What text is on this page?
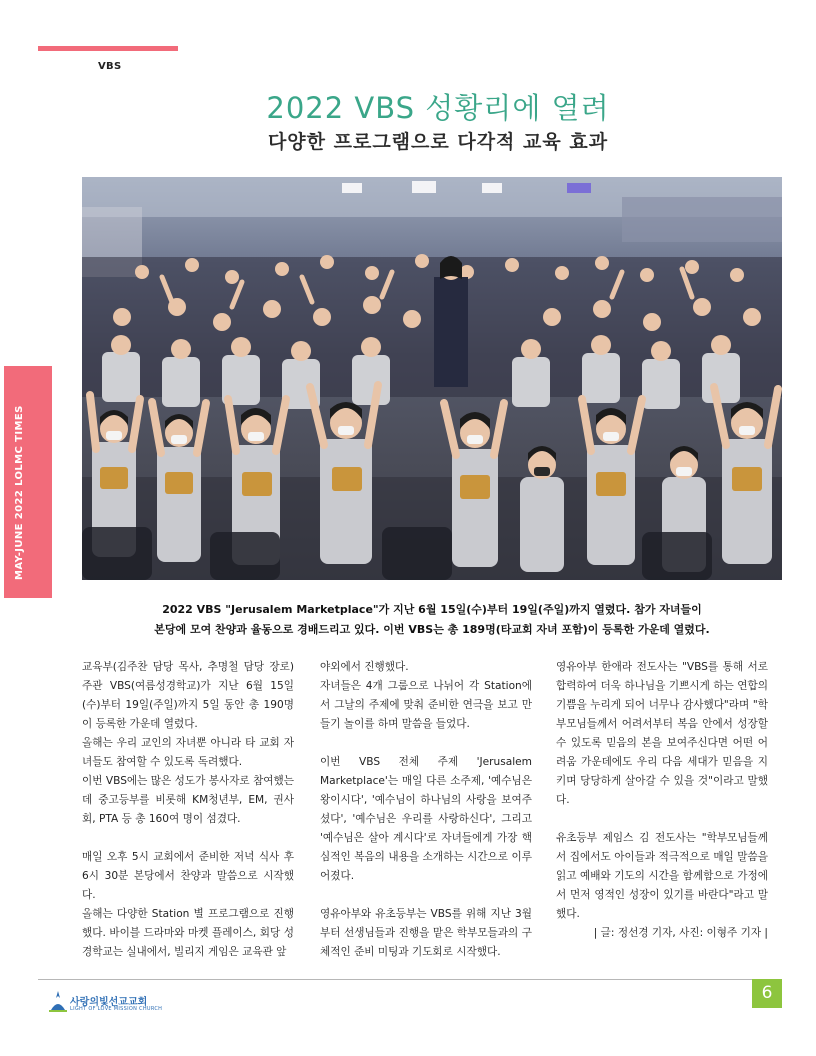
VBS
MAY-JUNE 2022 LOLMC TIMES
2022 VBS 성황리에 열려
다양한 프로그램으로 다각적 교육 효과
2022 VBS "Jerusalem Marketplace"가 지난 6월 15일(수)부터 19일(주일)까지 열렸다. 참가 자녀들이
본당에 모여 찬양과 율동으로 경배드리고 있다. 이번 VBS는 총 189명(타교회 자녀 포함)이 등록한 가운데 열렸다.

교육부(김주찬 담당 목사, 추명철 담당 장로) 주관 VBS(여름성경학교)가 지난 6월 15일(수)부터 19일(주일)까지 5일 동안 총 190명이 등록한 가운데 열렸다.

올해는 우리 교인의 자녀뿐 아니라 타 교회 자녀들도 참여할 수 있도록 독려했다.

이번 VBS에는 많은 성도가 봉사자로 참여했는데 중고등부를 비롯해 KM청년부, EM, 권사회, PTA 등 총 160여 명이 섬겼다.

매일 오후 5시 교회에서 준비한 저녁 식사 후 6시 30분 본당에서 찬양과 말씀으로 시작했다.

올해는 다양한 Station 별 프로그램으로 진행했다. 바이블 드라마와 마켓 플레이스, 회당 성경학교는 실내에서, 빌리지 게임은 교육관 앞

야외에서 진행했다.

자녀들은 4개 그룹으로 나뉘어 각 Station에서 그날의 주제에 맞춰 준비한 연극을 보고 만들기 놀이를 하며 말씀을 들었다.

이번 VBS 전체 주제 'Jerusalem Marketplace'는 매일 다른 소주제, '예수님은 왕이시다', '예수님이 하나님의 사랑을 보여주셨다', '예수님은 우리를 사랑하신다', 그리고 '예수님은 살아 계시다'로 자녀들에게 가장 핵심적인 복음의 내용을 소개하는 시간으로 이루어졌다.

영유아부와 유초등부는 VBS를 위해 지난 3월부터 선생님들과 진행을 맡은 학부모들과의 구체적인 준비 미팅과 기도회로 시작했다.

영유아부 한애라 전도사는 "VBS를 통해 서로 합력하여 더욱 하나님을 기쁘시게 하는 연합의 기쁨을 누리게 되어 너무나 감사했다"라며 "학부모님들께서 어려서부터 복음 안에서 성장할 수 있도록 믿음의 본을 보여주신다면 어떤 어려움 가운데에도 우리 다음 세대가 믿음을 지키며 당당하게 살아갈 수 있을 것"이라고 말했다.

유초등부 제임스 김 전도사는 "학부모님들께서 집에서도 아이들과 적극적으로 매일 말씀을 읽고 예배와 기도의 시간을 함께함으로 가정에서 먼저 영적인 성장이 있기를 바란다"라고 말했다.

| 글: 정선경 기자, 사진: 이형주 기자 |

사랑의빛선교교회
LIGHT OF LOVE MISSION CHURCH
6
